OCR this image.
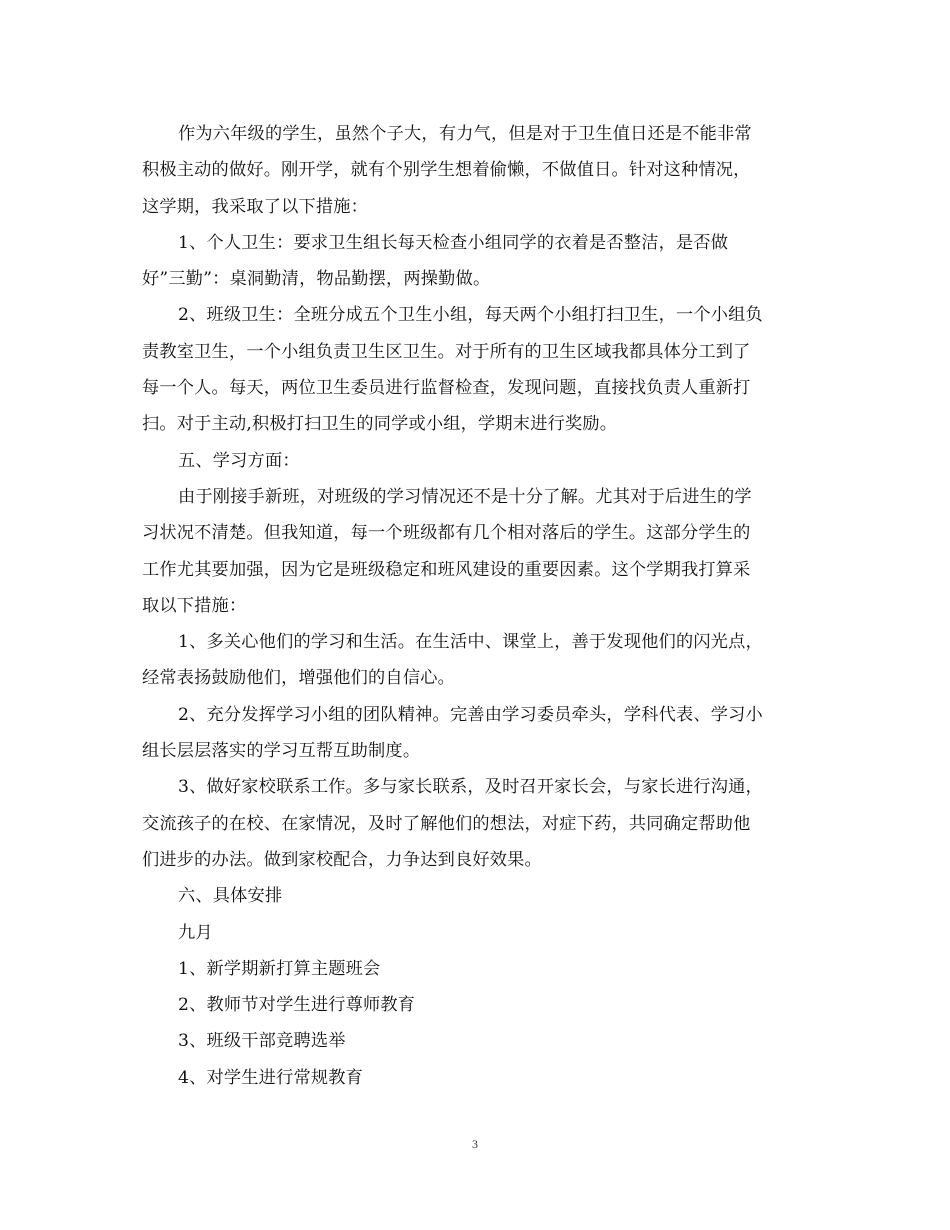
作为六年级的学生，虽然个子大，有力气，但是对于卫生值日还是不能非常
积极主动的做好。刚开学，就有个别学生想着偷懒，不做值日。针对这种情况，
这学期，我采取了以下措施：
1、个人卫生：要求卫生组长每天检查小组同学的衣着是否整洁，是否做
好”三勤”：桌洞勤清，物品勤摆，两操勤做。
2、班级卫生：全班分成五个卫生小组，每天两个小组打扫卫生，一个小组负
责教室卫生，一个小组负责卫生区卫生。对于所有的卫生区域我都具体分工到了
每一个人。每天，两位卫生委员进行监督检查，发现问题，直接找负责人重新打
扫。对于主动,积极打扫卫生的同学或小组，学期末进行奖励。
五、学习方面：
由于刚接手新班，对班级的学习情况还不是十分了解。尤其对于后进生的学
习状况不清楚。但我知道，每一个班级都有几个相对落后的学生。这部分学生的
工作尤其要加强，因为它是班级稳定和班风建设的重要因素。这个学期我打算采
取以下措施：
1、多关心他们的学习和生活。在生活中、课堂上，善于发现他们的闪光点，
经常表扬鼓励他们，增强他们的自信心。
2、充分发挥学习小组的团队精神。完善由学习委员牵头，学科代表、学习小
组长层层落实的学习互帮互助制度。
3、做好家校联系工作。多与家长联系，及时召开家长会，与家长进行沟通，
交流孩子的在校、在家情况，及时了解他们的想法，对症下药，共同确定帮助他
们进步的办法。做到家校配合，力争达到良好效果。
六、具体安排
九月
1、新学期新打算主题班会
2、教师节对学生进行尊师教育
3、班级干部竞聘选举
4、对学生进行常规教育
3
